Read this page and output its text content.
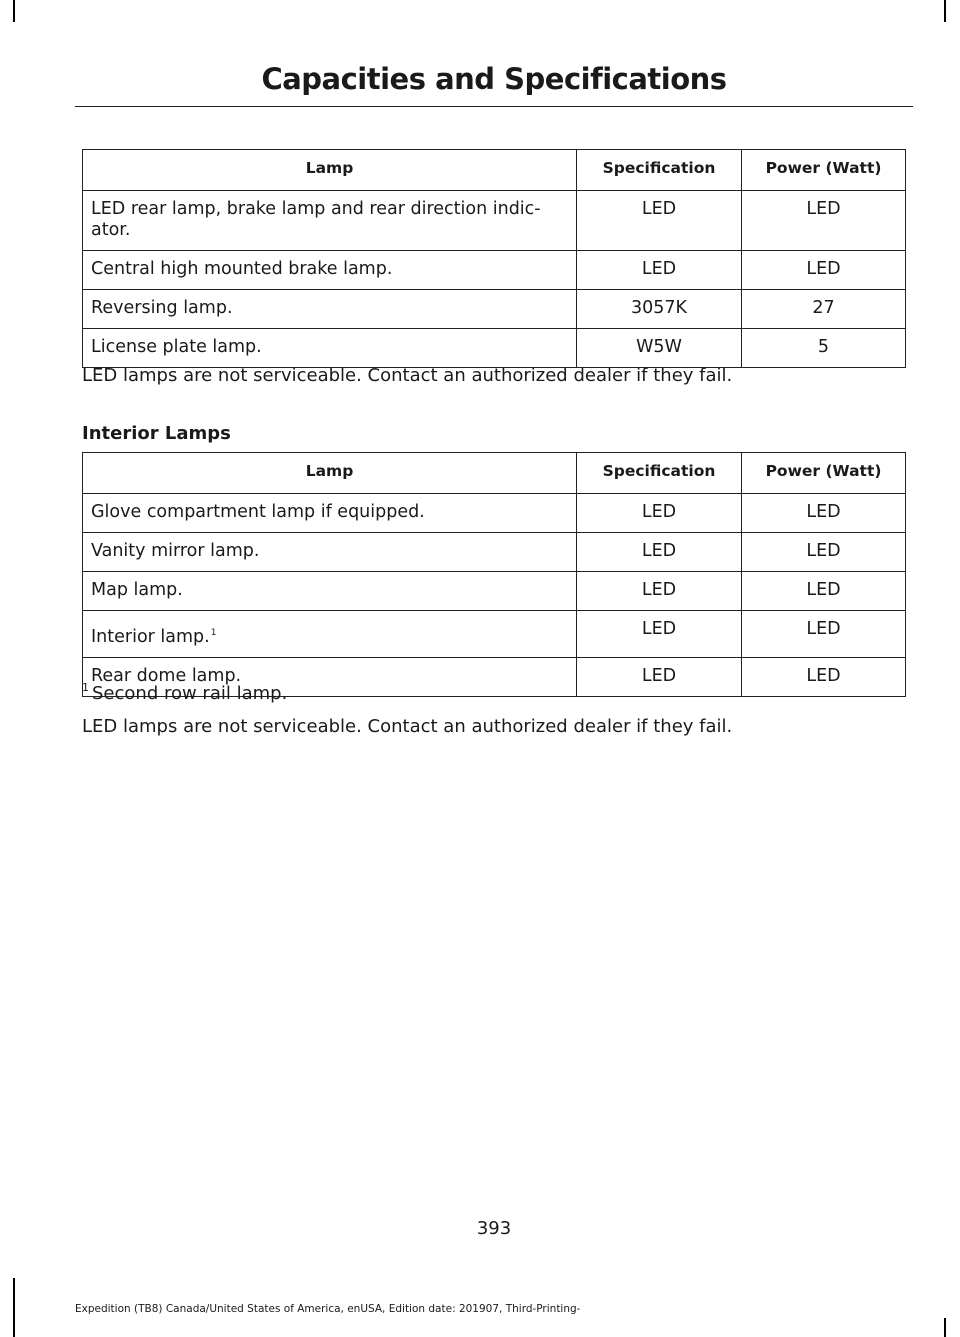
Capacities and Specifications
Lamp	Specification	Power (Watt)
LED rear lamp, brake lamp and rear direction indic-
ator.	LED	LED
Central high mounted brake lamp.	LED	LED
Reversing lamp.	3057K	27
License plate lamp.	W5W	5
LED lamps are not serviceable. Contact an authorized dealer if they fail.
Interior Lamps
Lamp	Specification	Power (Watt)
Glove compartment lamp if equipped.	LED	LED
Vanity mirror lamp.	LED	LED
Map lamp.	LED	LED
Interior lamp.$^1$	LED	LED
Rear dome lamp.	LED	LED
$^1$ Second row rail lamp.
LED lamps are not serviceable. Contact an authorized dealer if they fail.
393
Expedition (TB8) Canada/United States of America, enUSA, Edition date: 201907, Third-Printing-
